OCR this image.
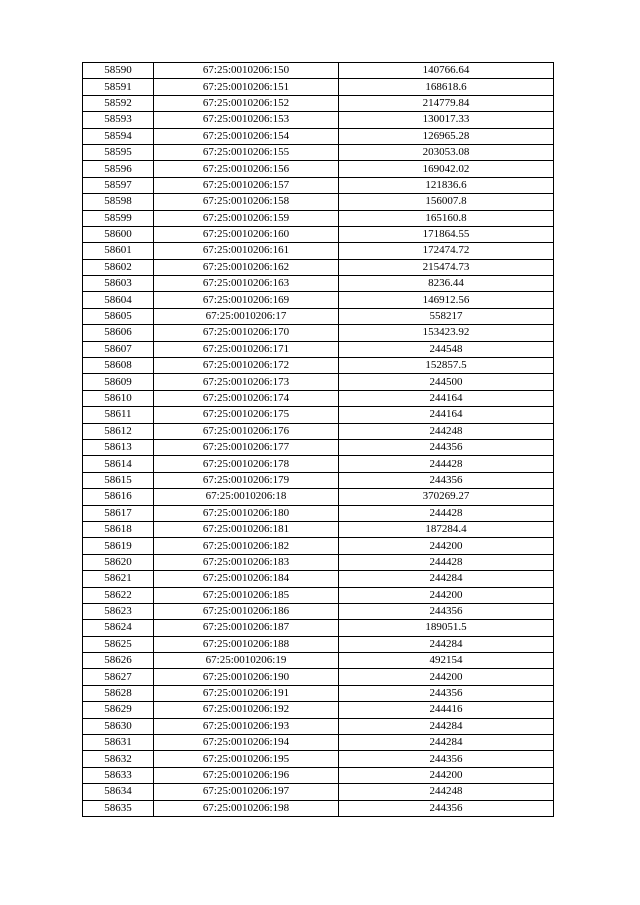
58590	67:25:0010206:150	140766.64
58591	67:25:0010206:151	168618.6
58592	67:25:0010206:152	214779.84
58593	67:25:0010206:153	130017.33
58594	67:25:0010206:154	126965.28
58595	67:25:0010206:155	203053.08
58596	67:25:0010206:156	169042.02
58597	67:25:0010206:157	121836.6
58598	67:25:0010206:158	156007.8
58599	67:25:0010206:159	165160.8
58600	67:25:0010206:160	171864.55
58601	67:25:0010206:161	172474.72
58602	67:25:0010206:162	215474.73
58603	67:25:0010206:163	8236.44
58604	67:25:0010206:169	146912.56
58605	67:25:0010206:17	558217
58606	67:25:0010206:170	153423.92
58607	67:25:0010206:171	244548
58608	67:25:0010206:172	152857.5
58609	67:25:0010206:173	244500
58610	67:25:0010206:174	244164
58611	67:25:0010206:175	244164
58612	67:25:0010206:176	244248
58613	67:25:0010206:177	244356
58614	67:25:0010206:178	244428
58615	67:25:0010206:179	244356
58616	67:25:0010206:18	370269.27
58617	67:25:0010206:180	244428
58618	67:25:0010206:181	187284.4
58619	67:25:0010206:182	244200
58620	67:25:0010206:183	244428
58621	67:25:0010206:184	244284
58622	67:25:0010206:185	244200
58623	67:25:0010206:186	244356
58624	67:25:0010206:187	189051.5
58625	67:25:0010206:188	244284
58626	67:25:0010206:19	492154
58627	67:25:0010206:190	244200
58628	67:25:0010206:191	244356
58629	67:25:0010206:192	244416
58630	67:25:0010206:193	244284
58631	67:25:0010206:194	244284
58632	67:25:0010206:195	244356
58633	67:25:0010206:196	244200
58634	67:25:0010206:197	244248
58635	67:25:0010206:198	244356
